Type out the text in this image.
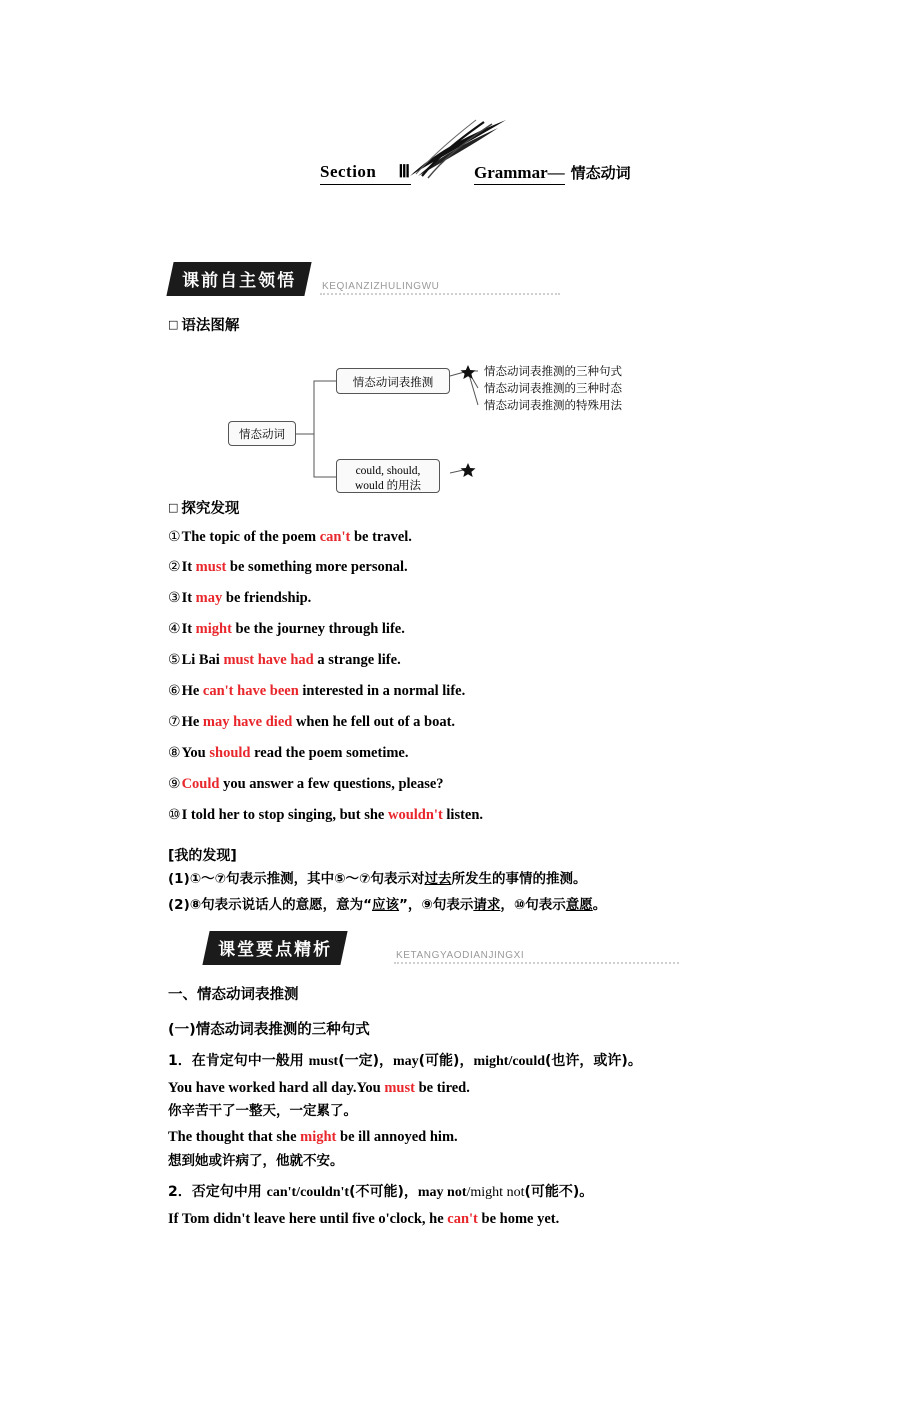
Section Ⅲ	Grammar— 情态动词
课前自主领悟	KEQIANZIZHULINGWU
□ 语法图解
情态动词
情态动词表推测
could, should,
would 的用法
情态动词表推测的三种句式
情态动词表推测的三种时态
情态动词表推测的特殊用法
□ 探究发现

①The topic of the poem can't be travel.

②It must be something more personal.

③It may be friendship.

④It might be the journey through life.

⑤Li Bai must have had a strange life.

⑥He can't have been interested in a normal life.

⑦He may have died when he fell out of a boat.

⑧You should read the poem sometime.

⑨Could you answer a few questions, please?

⑩I told her to stop singing, but she wouldn't listen.

[我的发现]
(1)①～⑦句表示推测，其中⑤～⑦句表示对过去所发生的事情的推测。
(2)⑧句表示说话人的意愿，意为“应该”，⑨句表示请求，⑩句表示意愿。
课堂要点精析	KETANGYAODIANJINGXI
一、情态动词表推测
(一)情态动词表推测的三种句式
1．在肯定句中一般用 must(一定)，may(可能)，might/could(也许，或许)。
You have worked hard all day.You must be tired.
你辛苦干了一整天，一定累了。
The thought that she might be ill annoyed him.
想到她或许病了，他就不安。
2．否定句中用 can't/couldn't(不可能)，may not/might not(可能不)。
If Tom didn't leave here until five o'clock, he can't be home yet.
